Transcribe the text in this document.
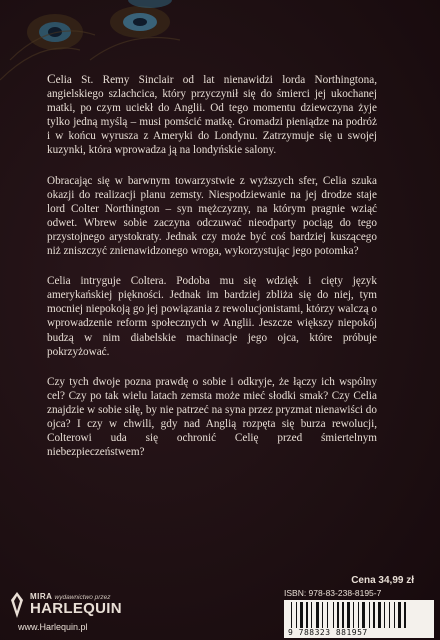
Celia St. Remy Sinclair od lat nienawidzi lorda Northingtona, angielskiego szlachcica, który przyczynił się do śmierci jej ukochanej matki, po czym uciekł do Anglii. Od tego momentu dziewczyna żyje tylko jedną myślą – musi pomścić matkę. Gromadzi pieniądze na podróż i w końcu wyrusza z Ameryki do Londynu. Zatrzymuje się u swojej kuzynki, która wprowadza ją na londyńskie salony.

Obracając się w barwnym towarzystwie z wyższych sfer, Celia szuka okazji do realizacji planu zemsty. Niespodziewanie na jej drodze staje lord Colter Northington – syn mężczyzny, na którym pragnie wziąć odwet. Wbrew sobie zaczyna odczuwać nieodparty pociąg do tego przystojnego arystokraty. Jednak czy może być coś bardziej kuszącego niż zniszczyć znienawidzonego wroga, wykorzystując jego potomka?

Celia intryguje Coltera. Podoba mu się wdzięk i cięty język amerykańskiej piękności. Jednak im bardziej zbliża się do niej, tym mocniej niepokoją go jej powiązania z rewolucjonistami, którzy walczą o wprowadzenie reform społecznych w Anglii. Jeszcze większy niepokój budzą w nim diabelskie machinacje jego ojca, które próbuje pokrzyżować.

Czy tych dwoje pozna prawdę o sobie i odkryje, że łączy ich wspólny cel? Czy po tak wielu latach zemsta może mieć słodki smak? Czy Celia znajdzie w sobie siłę, by nie patrzeć na syna przez pryzmat nienawiści do ojca? I czy w chwili, gdy nad Anglią rozpęta się burza rewolucji, Colterowi uda się ochronić Celię przed śmiertelnym niebezpieczeństwem?

MIRA wydawnictwo przez
HARLEQUIN
www.Harlequin.pl
Cena 34,99 zł
ISBN: 978-83-238-8195-7
9 788323 881957
